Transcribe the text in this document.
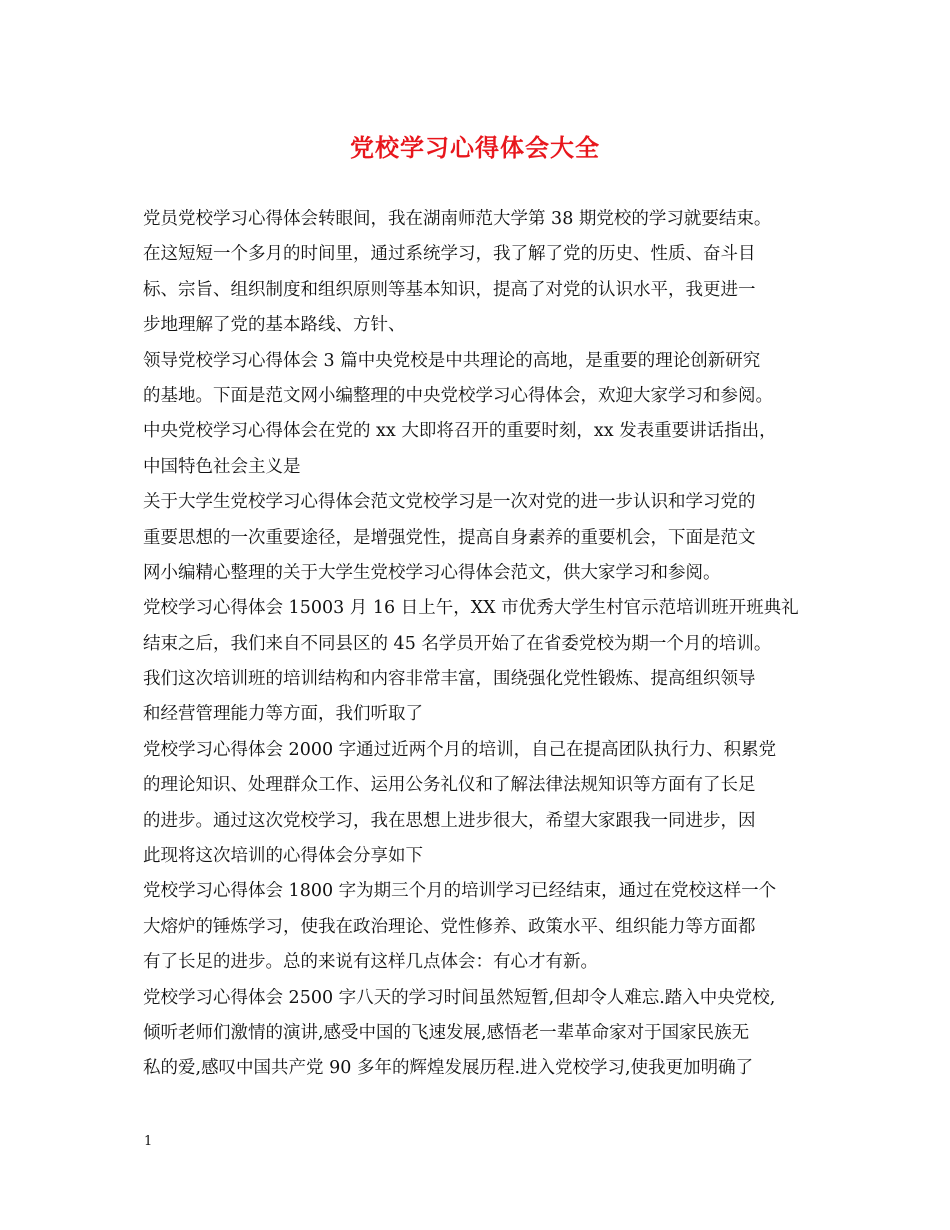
党校学习心得体会大全
党员党校学习心得体会转眼间，我在湖南师范大学第 38 期党校的学习就要结束。
在这短短一个多月的时间里，通过系统学习，我了解了党的历史、性质、奋斗目
标、宗旨、组织制度和组织原则等基本知识，提高了对党的认识水平，我更进一
步地理解了党的基本路线、方针、
领导党校学习心得体会 3 篇中央党校是中共理论的高地，是重要的理论创新研究
的基地。下面是范文网小编整理的中央党校学习心得体会，欢迎大家学习和参阅。
中央党校学习心得体会在党的 xx 大即将召开的重要时刻，xx 发表重要讲话指出，
中国特色社会主义是
关于大学生党校学习心得体会范文党校学习是一次对党的进一步认识和学习党的
重要思想的一次重要途径，是增强党性，提高自身素养的重要机会，下面是范文
网小编精心整理的关于大学生党校学习心得体会范文，供大家学习和参阅。
党校学习心得体会 15003 月 16 日上午，XX 市优秀大学生村官示范培训班开班典礼
结束之后，我们来自不同县区的 45 名学员开始了在省委党校为期一个月的培训。
我们这次培训班的培训结构和内容非常丰富，围绕强化党性锻炼、提高组织领导
和经营管理能力等方面，我们听取了
党校学习心得体会 2000 字通过近两个月的培训，自己在提高团队执行力、积累党
的理论知识、处理群众工作、运用公务礼仪和了解法律法规知识等方面有了长足
的进步。通过这次党校学习，我在思想上进步很大，希望大家跟我一同进步，因
此现将这次培训的心得体会分享如下
党校学习心得体会 1800 字为期三个月的培训学习已经结束，通过在党校这样一个
大熔炉的锤炼学习，使我在政治理论、党性修养、政策水平、组织能力等方面都
有了长足的进步。总的来说有这样几点体会：有心才有新。
党校学习心得体会 2500 字八天的学习时间虽然短暂,但却令人难忘.踏入中央党校,
倾听老师们激情的演讲,感受中国的飞速发展,感悟老一辈革命家对于国家民族无
私的爱,感叹中国共产党 90 多年的辉煌发展历程.进入党校学习,使我更加明确了
1
